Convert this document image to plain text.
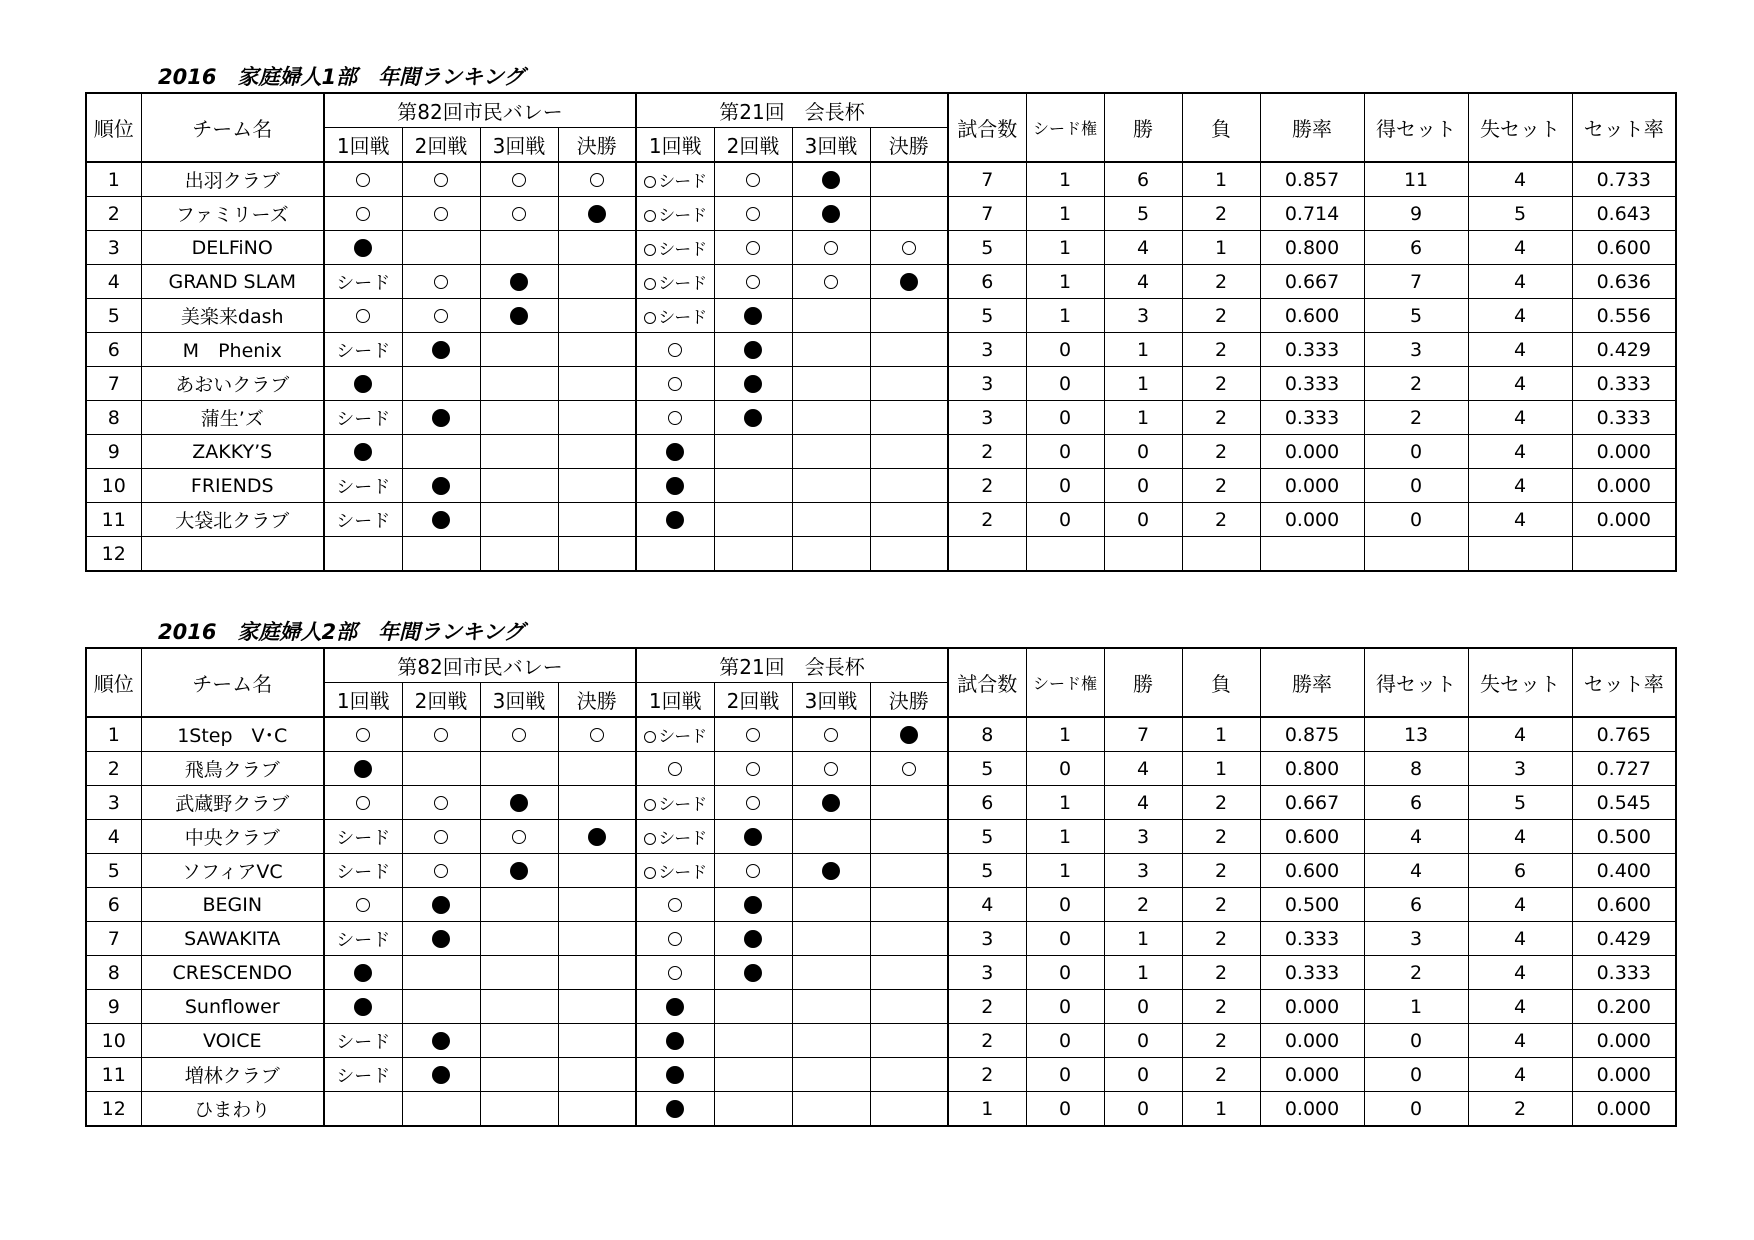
2016　家庭婦人1部　年間ランキング
順位	チーム名	第82回市民バレー				第21回　会長杯				試合数	シード権	勝	負	勝率	得セット	失セット	セット率
		1回戦	2回戦	3回戦	決勝	1回戦	2回戦	3回戦	決勝								
1	出羽クラブ					シード				7	1	6	1	0.857	11	4	0.733
2	ファミリーズ					シード				7	1	5	2	0.714	9	5	0.643
3	DELFiNO					シード				5	1	4	1	0.800	6	4	0.600
4	GRAND SLAM	シード				シード				6	1	4	2	0.667	7	4	0.636
5	美楽来dash					シード				5	1	3	2	0.600	5	4	0.556
6	M　Phenix	シード								3	0	1	2	0.333	3	4	0.429
7	あおいクラブ									3	0	1	2	0.333	2	4	0.333
8	蒲生’ズ	シード								3	0	1	2	0.333	2	4	0.333
9	ZAKKY’S									2	0	0	2	0.000	0	4	0.000
10	FRIENDS	シード								2	0	0	2	0.000	0	4	0.000
11	大袋北クラブ	シード								2	0	0	2	0.000	0	4	0.000
12																	
2016　家庭婦人2部　年間ランキング
順位	チーム名	第82回市民バレー				第21回　会長杯				試合数	シード権	勝	負	勝率	得セット	失セット	セット率
		1回戦	2回戦	3回戦	決勝	1回戦	2回戦	3回戦	決勝								
1	1Step　V･C					シード				8	1	7	1	0.875	13	4	0.765
2	飛鳥クラブ									5	0	4	1	0.800	8	3	0.727
3	武蔵野クラブ					シード				6	1	4	2	0.667	6	5	0.545
4	中央クラブ	シード				シード				5	1	3	2	0.600	4	4	0.500
5	ソフィアVC	シード				シード				5	1	3	2	0.600	4	6	0.400
6	BEGIN									4	0	2	2	0.500	6	4	0.600
7	SAWAKITA	シード								3	0	1	2	0.333	3	4	0.429
8	CRESCENDO									3	0	1	2	0.333	2	4	0.333
9	Sunflower									2	0	0	2	0.000	1	4	0.200
10	VOICE	シード								2	0	0	2	0.000	0	4	0.000
11	増林クラブ	シード								2	0	0	2	0.000	0	4	0.000
12	ひまわり									1	0	0	1	0.000	0	2	0.000
